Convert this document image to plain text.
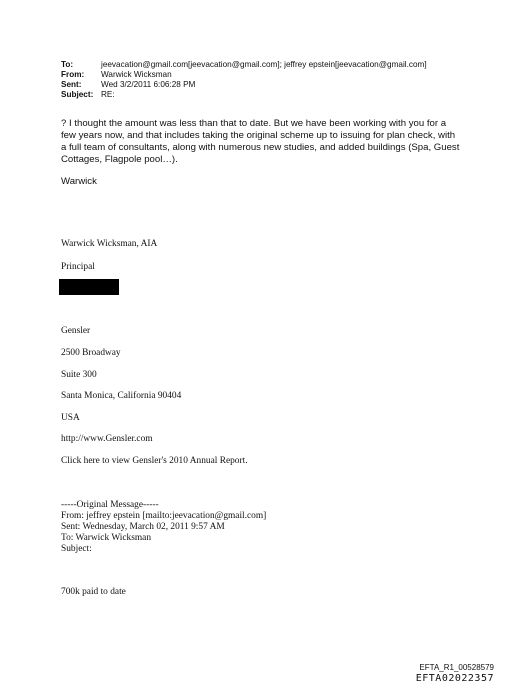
To:	jeevacation@gmail.com[jeevacation@gmail.com]; jeffrey epstein[jeevacation@gmail.com]
From:	Warwick Wicksman
Sent:	Wed 3/2/2011 6:06:28 PM
Subject: RE:
? I thought the amount was less than that to date. But we have been working with you for a few years now, and that includes taking the original scheme up to issuing for plan check, with a full team of consultants, along with numerous new studies, and added buildings (Spa, Guest Cottages, Flagpole pool…).
Warwick
Warwick Wicksman, AIA
Principal
Gensler
2500 Broadway
Suite 300
Santa Monica, California 90404
USA
http://www.Gensler.com
Click here to view Gensler's 2010 Annual Report.
-----Original Message-----
From: jeffrey epstein [mailto:jeevacation@gmail.com]
Sent: Wednesday, March 02, 2011 9:57 AM
To: Warwick Wicksman
Subject:
700k paid to date
EFTA_R1_00528579
EFTA02022357
